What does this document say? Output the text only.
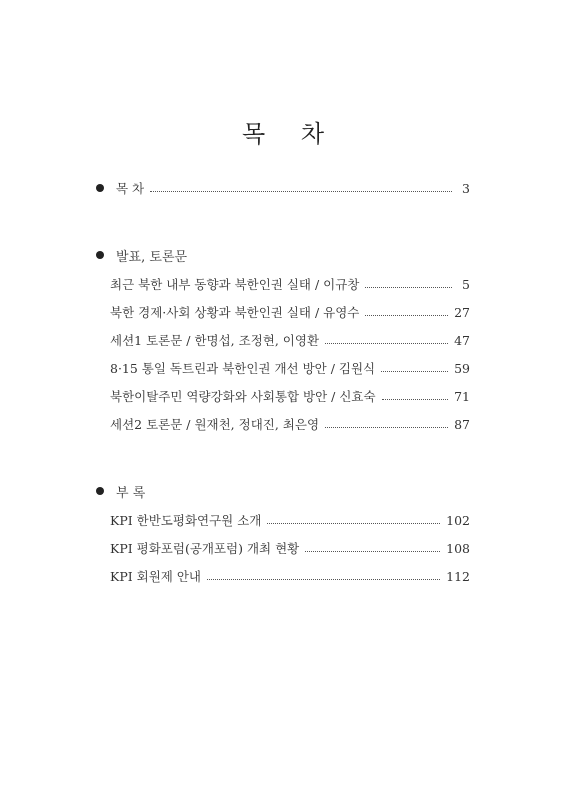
목 차
목 차	3
발표, 토론문
최근 북한 내부 동향과 북한인권 실태 / 이규창	5
북한 경제·사회 상황과 북한인권 실태 / 유영수	27
세션1 토론문 / 한명섭, 조정현, 이영환	47
8·15 통일 독트린과 북한인권 개선 방안 / 김원식	59
북한이탈주민 역량강화와 사회통합 방안 / 신효숙	71
세션2 토론문 / 원재천, 정대진, 최은영	87
부 록
KPI 한반도평화연구원 소개	102
KPI 평화포럼(공개포럼) 개최 현황	108
KPI 회원제 안내	112
